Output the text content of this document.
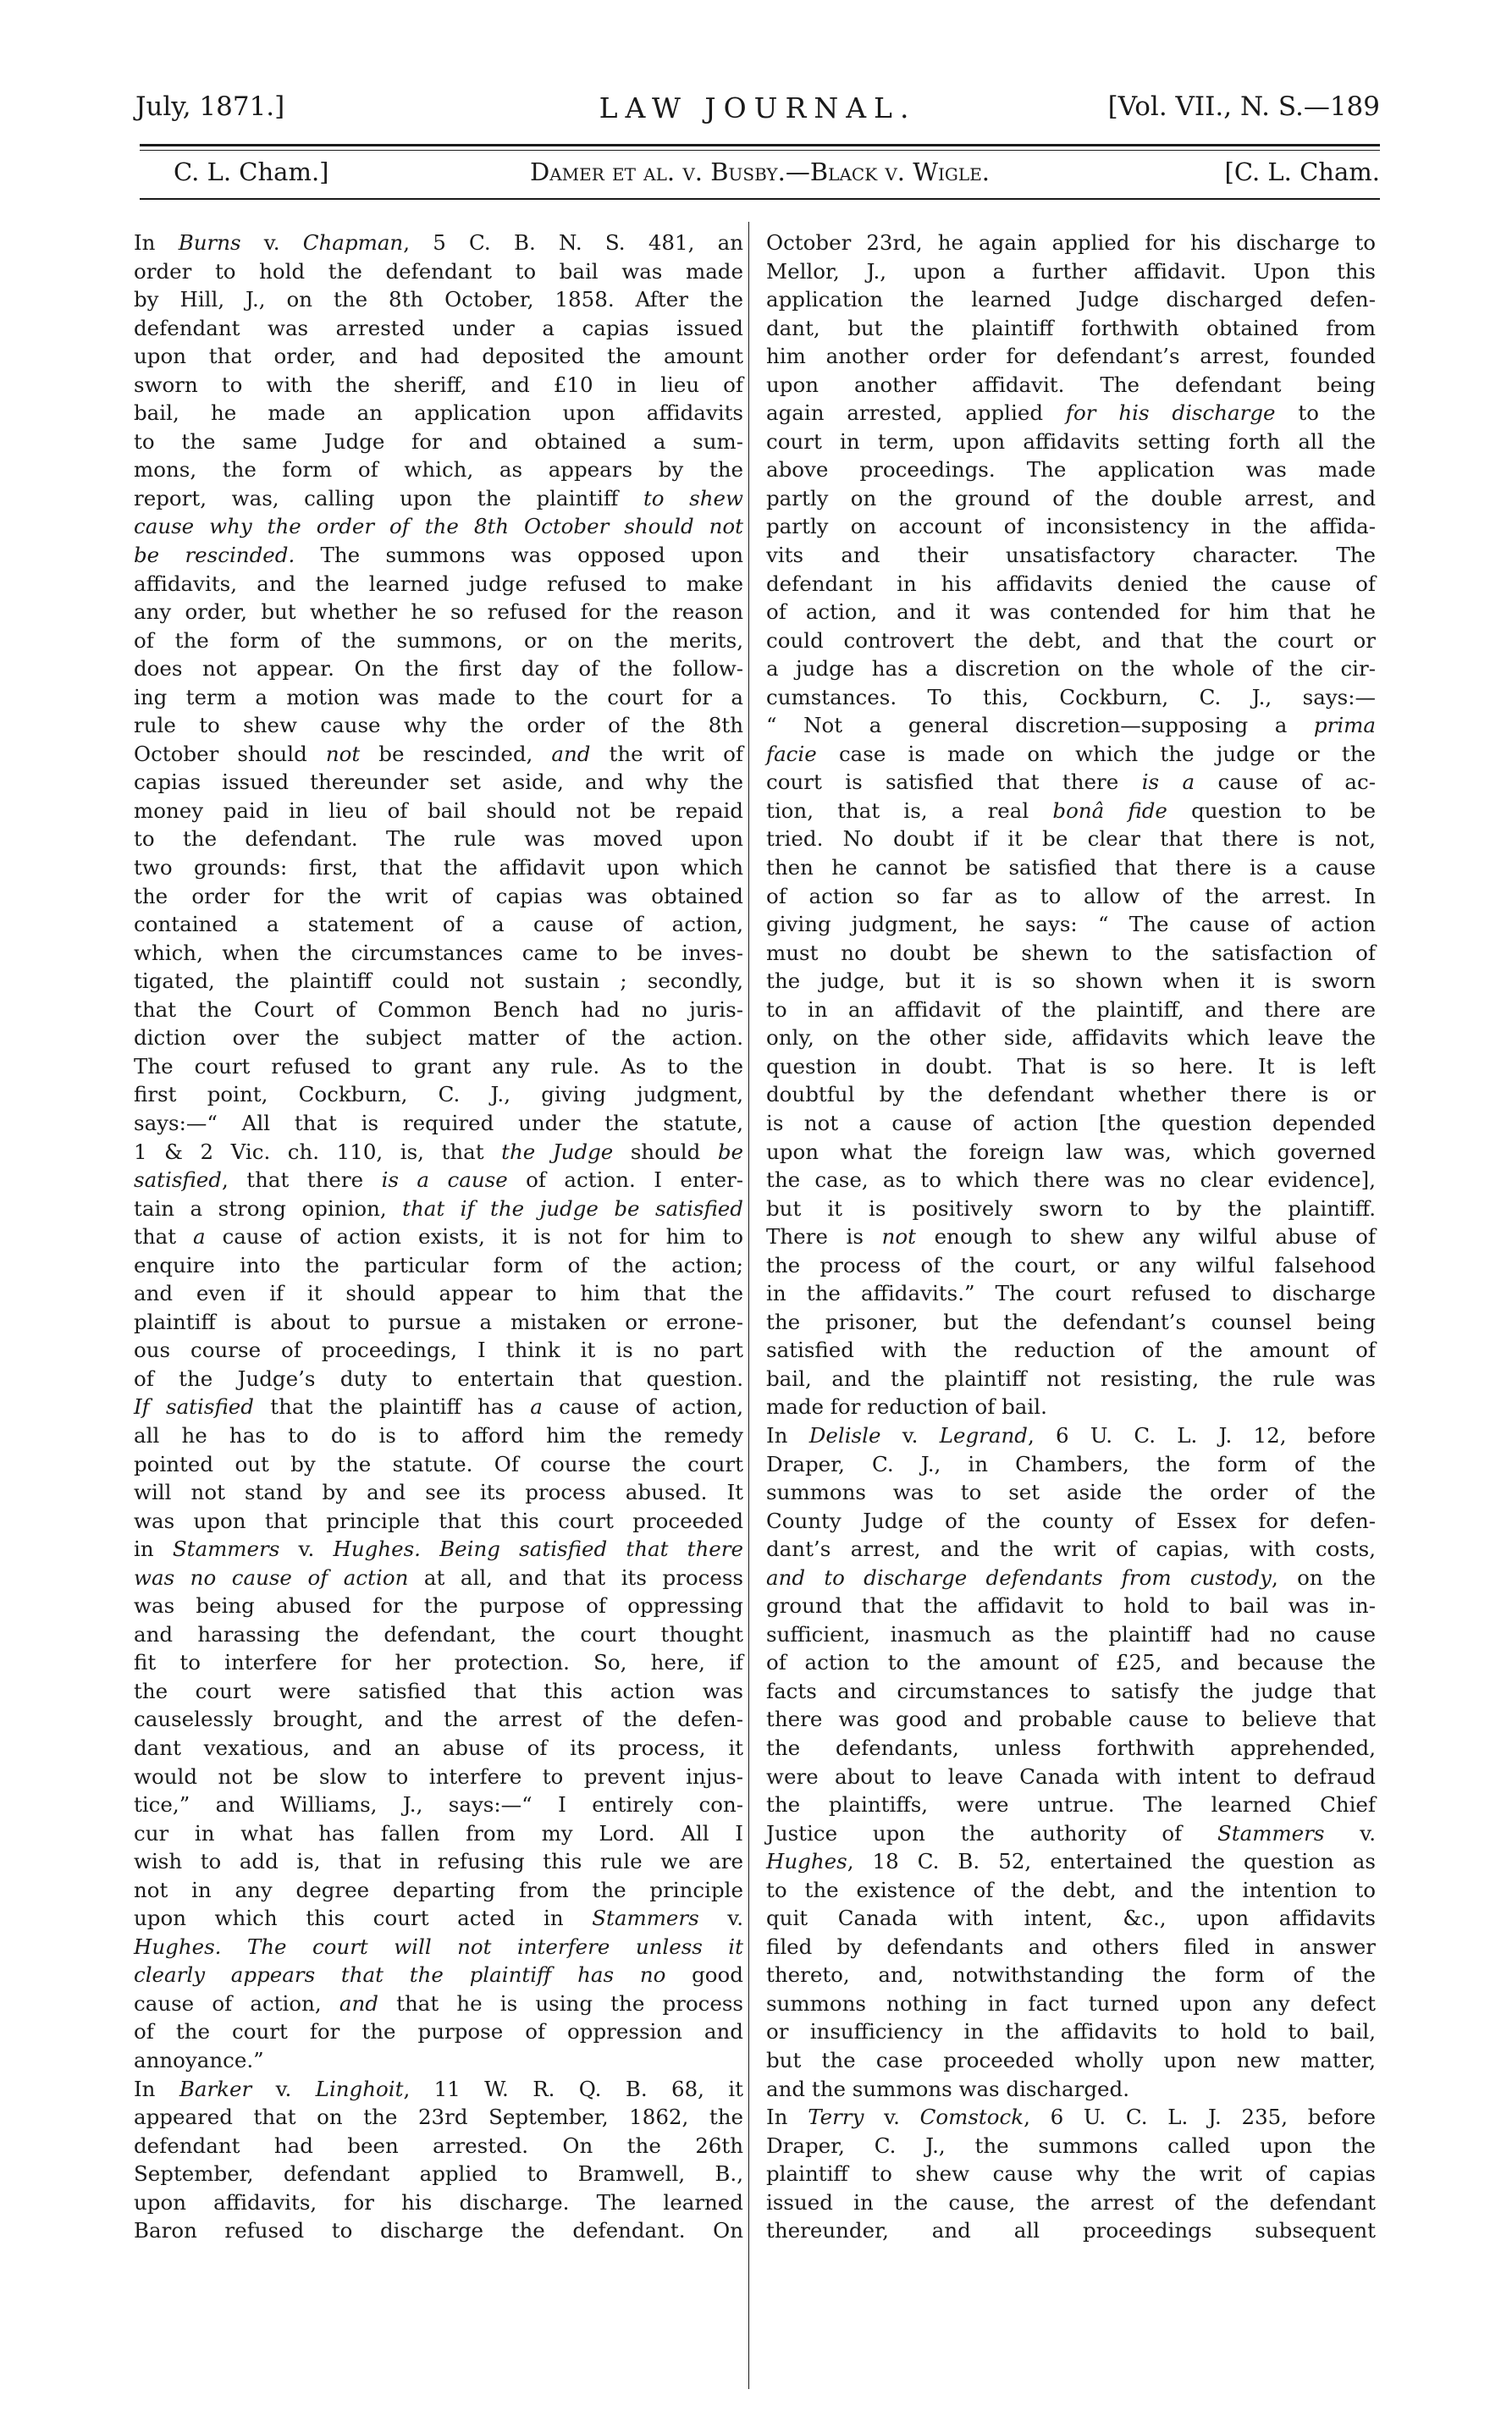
July, 1871.]	LAW JOURNAL.	[Vol. VII., N. S.—189
C. L. Cham.]	Damer et al. v. Busby.—Black v. Wigle.	[C. L. Cham.
In Burns v. Chapman, 5 C. B. N. S. 481, an
order to hold the defendant to bail was made
by Hill, J., on the 8th October, 1858. After the
defendant was arrested under a capias issued
upon that order, and had deposited the amount
sworn to with the sheriff, and £10 in lieu of
bail, he made an application upon affidavits
to the same Judge for and obtained a sum-
mons, the form of which, as appears by the
report, was, calling upon the plaintiff to shew
cause why the order of the 8th October should not
be rescinded. The summons was opposed upon
affidavits, and the learned judge refused to make
any order, but whether he so refused for the reason
of the form of the summons, or on the merits,
does not appear. On the first day of the follow-
ing term a motion was made to the court for a
rule to shew cause why the order of the 8th
October should not be rescinded, and the writ of
capias issued thereunder set aside, and why the
money paid in lieu of bail should not be repaid
to the defendant. The rule was moved upon
two grounds: first, that the affidavit upon which
the order for the writ of capias was obtained
contained a statement of a cause of action,
which, when the circumstances came to be inves-
tigated, the plaintiff could not sustain ; secondly,
that the Court of Common Bench had no juris-
diction over the subject matter of the action.
The court refused to grant any rule. As to the
first point, Cockburn, C. J., giving judgment,
says:—“ All that is required under the statute,
1 & 2 Vic. ch. 110, is, that the Judge should be
satisfied, that there is a cause of action. I enter-
tain a strong opinion, that if the judge be satisfied
that a cause of action exists, it is not for him to
enquire into the particular form of the action;
and even if it should appear to him that the
plaintiff is about to pursue a mistaken or errone-
ous course of proceedings, I think it is no part
of the Judge’s duty to entertain that question.
If satisfied that the plaintiff has a cause of action,
all he has to do is to afford him the remedy
pointed out by the statute. Of course the court
will not stand by and see its process abused. It
was upon that principle that this court proceeded
in Stammers v. Hughes. Being satisfied that there
was no cause of action at all, and that its process
was being abused for the purpose of oppressing
and harassing the defendant, the court thought
fit to interfere for her protection. So, here, if
the court were satisfied that this action was
causelessly brought, and the arrest of the defen-
dant vexatious, and an abuse of its process, it
would not be slow to interfere to prevent injus-
tice,” and Williams, J., says:—“ I entirely con-
cur in what has fallen from my Lord. All I
wish to add is, that in refusing this rule we are
not in any degree departing from the principle
upon which this court acted in Stammers v.
Hughes. The court will not interfere unless it
clearly appears that the plaintiff has no good
cause of action, and that he is using the process
of the court for the purpose of oppression and
annoyance.”
In Barker v. Linghoit, 11 W. R. Q. B. 68, it
appeared that on the 23rd September, 1862, the
defendant had been arrested. On the 26th
September, defendant applied to Bramwell, B.,
upon affidavits, for his discharge. The learned
Baron refused to discharge the defendant. On
October 23rd, he again applied for his discharge to
Mellor, J., upon a further affidavit. Upon this
application the learned Judge discharged defen-
dant, but the plaintiff forthwith obtained from
him another order for defendant’s arrest, founded
upon another affidavit. The defendant being
again arrested, applied for his discharge to the
court in term, upon affidavits setting forth all the
above proceedings. The application was made
partly on the ground of the double arrest, and
partly on account of inconsistency in the affida-
vits and their unsatisfactory character. The
defendant in his affidavits denied the cause of
of action, and it was contended for him that he
could controvert the debt, and that the court or
a judge has a discretion on the whole of the cir-
cumstances. To this, Cockburn, C. J., says:—
“ Not a general discretion—supposing a prima
facie case is made on which the judge or the
court is satisfied that there is a cause of ac-
tion, that is, a real bonâ fide question to be
tried. No doubt if it be clear that there is not,
then he cannot be satisfied that there is a cause
of action so far as to allow of the arrest. In
giving judgment, he says: “ The cause of action
must no doubt be shewn to the satisfaction of
the judge, but it is so shown when it is sworn
to in an affidavit of the plaintiff, and there are
only, on the other side, affidavits which leave the
question in doubt. That is so here. It is left
doubtful by the defendant whether there is or
is not a cause of action [the question depended
upon what the foreign law was, which governed
the case, as to which there was no clear evidence],
but it is positively sworn to by the plaintiff.
There is not enough to shew any wilful abuse of
the process of the court, or any wilful falsehood
in the affidavits.” The court refused to discharge
the prisoner, but the defendant’s counsel being
satisfied with the reduction of the amount of
bail, and the plaintiff not resisting, the rule was
made for reduction of bail.
In Delisle v. Legrand, 6 U. C. L. J. 12, before
Draper, C. J., in Chambers, the form of the
summons was to set aside the order of the
County Judge of the county of Essex for defen-
dant’s arrest, and the writ of capias, with costs,
and to discharge defendants from custody, on the
ground that the affidavit to hold to bail was in-
sufficient, inasmuch as the plaintiff had no cause
of action to the amount of £25, and because the
facts and circumstances to satisfy the judge that
there was good and probable cause to believe that
the defendants, unless forthwith apprehended,
were about to leave Canada with intent to defraud
the plaintiffs, were untrue. The learned Chief
Justice upon the authority of Stammers v.
Hughes, 18 C. B. 52, entertained the question as
to the existence of the debt, and the intention to
quit Canada with intent, &c., upon affidavits
filed by defendants and others filed in answer
thereto, and, notwithstanding the form of the
summons nothing in fact turned upon any defect
or insufficiency in the affidavits to hold to bail,
but the case proceeded wholly upon new matter,
and the summons was discharged.
In Terry v. Comstock, 6 U. C. L. J. 235, before
Draper, C. J., the summons called upon the
plaintiff to shew cause why the writ of capias
issued in the cause, the arrest of the defendant
thereunder, and all proceedings subsequent
